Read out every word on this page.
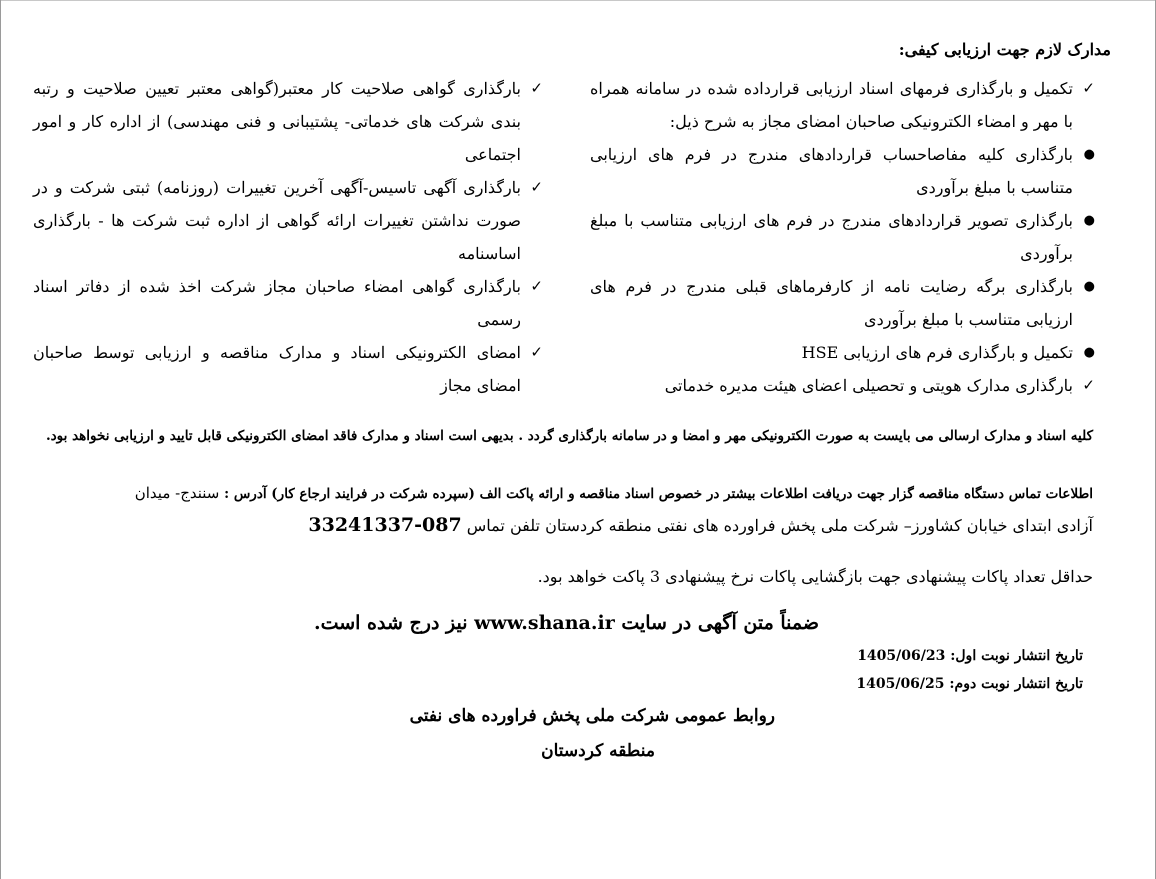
مدارک لازم جهت ارزیابی کیفی:
✓
تکمیل و بارگذاری فرمهای اسناد ارزیابی قرارداده شده در سامانه همراه با مهر و امضاء الکترونیکی صاحبان امضای مجاز به شرح ذیل:
●
بارگذاری کلیه مفاصاحساب قراردادهای مندرج در فرم های ارزیابی متناسب با مبلغ برآوردی
●
بارگذاری تصویر قراردادهای مندرج در فرم های ارزیابی متناسب با مبلغ برآوردی
●
بارگذاری برگه رضایت نامه از کارفرماهای قبلی مندرج در فرم های ارزیابی متناسب با مبلغ برآوردی
●
تکمیل و بارگذاری فرم های ارزیابی HSE
✓
بارگذاری مدارک هویتی و تحصیلی اعضای هیئت مدیره خدماتی
✓
بارگذاری گواهی صلاحیت کار معتبر(گواهی معتبر تعیین صلاحیت و رتبه بندی شرکت های خدماتی- پشتیبانی و فنی مهندسی) از اداره کار و امور اجتماعی
✓
بارگذاری آگهی تاسیس-آگهی آخرین تغییرات (روزنامه) ثبتی شرکت و در صورت نداشتن تغییرات ارائه گواهی از اداره ثبت شرکت ها - بارگذاری اساسنامه
✓
بارگذاری گواهی امضاء صاحبان مجاز شرکت اخذ شده از دفاتر اسناد رسمی
✓
امضای الکترونیکی اسناد و مدارک مناقصه و ارزیابی توسط صاحبان امضای مجاز
کلیه اسناد و مدارک ارسالی می بایست به صورت الکترونیکی مهر و امضا و در سامانه بارگذاری گردد . بدیهی است اسناد و مدارک فاقد امضای الکترونیکی قابل تایید و ارزیابی نخواهد بود.
اطلاعات تماس دستگاه مناقصه گزار جهت دریافت اطلاعات بیشتر در خصوص اسناد مناقصه و ارائه پاکت الف (سپرده شرکت در فرایند ارجاع کار) آدرس : سنندج- میدان
آزادی ابتدای خیابان کشاورز– شرکت ملی پخش فراورده های نفتی منطقه کردستان تلفن تماس 33241337-087
حداقل تعداد پاکات پیشنهادی جهت بازگشایی پاکات نرخ پیشنهادی 3 پاکت خواهد بود.
ضمناً متن آگهی در سایت www.shana.ir نیز درج شده است.
تاریخ انتشار نوبت اول: 1405/06/23
تاریخ انتشار نوبت دوم: 1405/06/25
روابط عمومی شرکت ملی پخش فراورده های نفتی
منطقه کردستان
